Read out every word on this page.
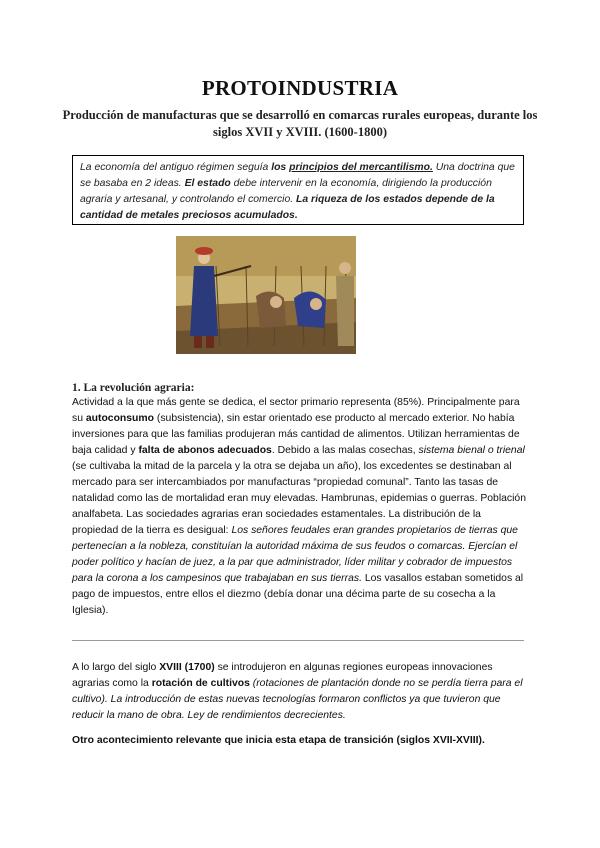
PROTOINDUSTRIA
Producción de manufacturas que se desarrolló en comarcas rurales europeas, durante los siglos XVII y XVIII. (1600-1800)
La economía del antiguo régimen seguía los principios del mercantilismo. Una doctrina que se basaba en 2 ideas. El estado debe intervenir en la economía, dirigiendo la producción agraria y artesanal, y controlando el comercio. La riqueza de los estados depende de la cantidad de metales preciosos acumulados.
1. La revolución agraria:

Actividad a la que más gente se dedica, el sector primario representa (85%). Principalmente para su autoconsumo (subsistencia), sin estar orientado ese producto al mercado exterior. No había inversiones para que las familias produjeran más cantidad de alimentos. Utilizan herramientas de baja calidad y falta de abonos adecuados. Debido a las malas cosechas, sistema bienal o trienal (se cultivaba la mitad de la parcela y la otra se dejaba un año), los excedentes se destinaban al mercado para ser intercambiados por manufacturas “propiedad comunal”. Tanto las tasas de natalidad como las de mortalidad eran muy elevadas. Hambrunas, epidemias o guerras. Población analfabeta. Las sociedades agrarias eran sociedades estamentales. La distribución de la propiedad de la tierra es desigual: Los señores feudales eran grandes propietarios de tierras que pertenecían a la nobleza, constituían la autoridad máxima de sus feudos o comarcas. Ejercían el poder político y hacían de juez, a la par que administrador, líder militar y cobrador de impuestos para la corona a los campesinos que trabajaban en sus tierras. Los vasallos estaban sometidos al pago de impuestos, entre ellos el diezmo (debía donar una décima parte de su cosecha a la Iglesia).

A lo largo del siglo XVIII (1700) se introdujeron en algunas regiones europeas innovaciones agrarias como la rotación de cultivos (rotaciones de plantación donde no se perdía tierra para el cultivo). La introducción de estas nuevas tecnologías formaron conflictos ya que tuvieron que reducir la mano de obra. Ley de rendimientos decrecientes.

Otro acontecimiento relevante que inicia esta etapa de transición (siglos XVII-XVIII).
